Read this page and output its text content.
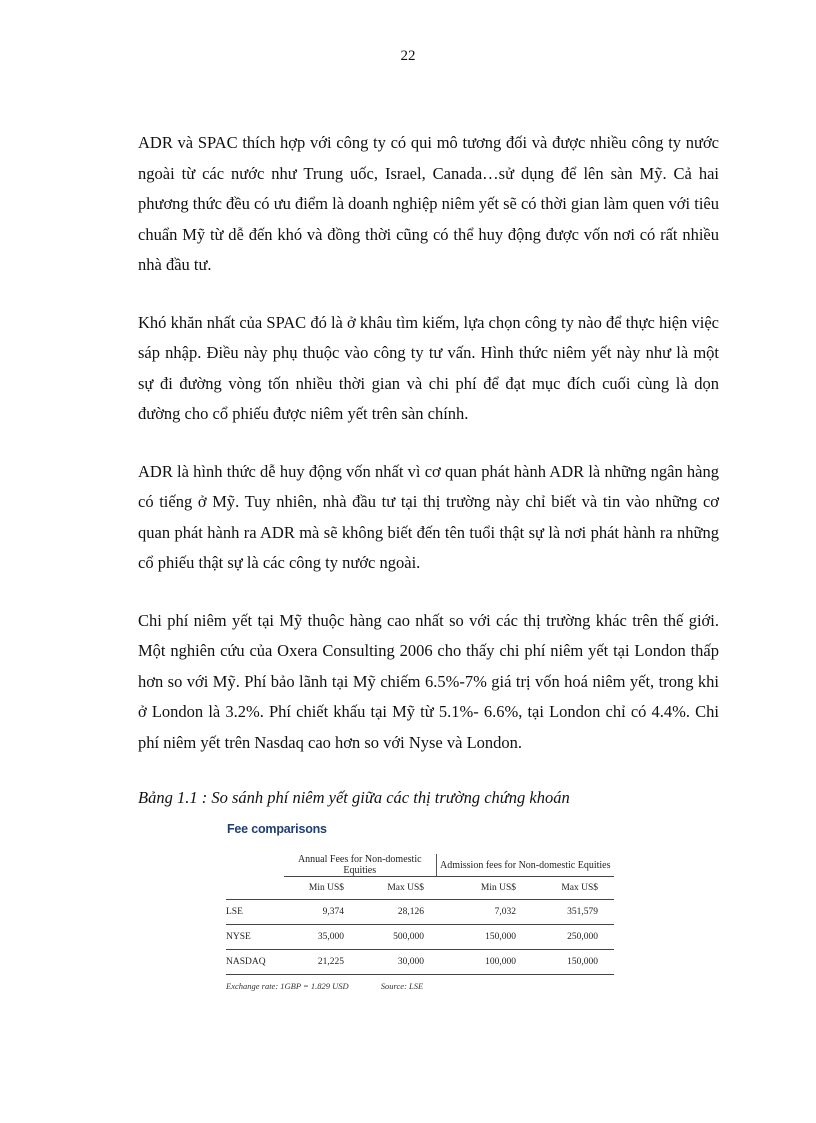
22

ADR và SPAC thích hợp với công ty có qui mô tương đối và được nhiều công ty nước ngoài từ các nước như Trung uốc, Israel, Canada…sử dụng để lên sàn Mỹ. Cả hai phương thức đều có ưu điểm là doanh nghiệp niêm yết sẽ có thời gian làm quen với tiêu chuẩn Mỹ từ dễ đến khó và đồng thời cũng có thể huy động được vốn nơi có rất nhiều nhà đầu tư.

Khó khăn nhất của SPAC đó là ở khâu tìm kiếm, lựa chọn công ty nào để thực hiện việc sáp nhập. Điều này phụ thuộc vào công ty tư vấn. Hình thức niêm yết này như là một sự đi đường vòng tốn nhiều thời gian và chi phí để đạt mục đích cuối cùng là dọn đường cho cổ phiếu được niêm yết trên sàn chính.

ADR là hình thức dễ huy động vốn nhất vì cơ quan phát hành ADR là những ngân hàng có tiếng ở Mỹ. Tuy nhiên, nhà đầu tư tại thị trường này chỉ biết và tin vào những cơ quan phát hành ra ADR mà sẽ không biết đến tên tuổi thật sự là nơi phát hành ra những cổ phiếu thật sự là các công ty nước ngoài.

Chi phí niêm yết tại Mỹ thuộc hàng cao nhất so với các thị trường khác trên thế giới. Một nghiên cứu của Oxera Consulting 2006 cho thấy chi phí niêm yết tại London thấp hơn so với Mỹ. Phí bảo lãnh tại Mỹ chiếm 6.5%-7% giá trị vốn hoá niêm yết, trong khi ở London là 3.2%. Phí chiết khấu tại Mỹ từ 5.1%- 6.6%, tại London chỉ có 4.4%. Chi phí niêm yết trên Nasdaq cao hơn so với Nyse và London.

Bảng 1.1 : So sánh phí niêm yết giữa các thị trường chứng khoán
Fee comparisons
	Annual Fees for Non-domestic Equities		Admission fees for Non-domestic Equities	
	Min US$	Max US$	Min US$	Max US$
LSE	9,374	28,126	7,032	351,579
NYSE	35,000	500,000	150,000	250,000
NASDAQ	21,225	30,000	100,000	150,000
Exchange rate: 1GBP = 1.829 USD	Source: LSE
